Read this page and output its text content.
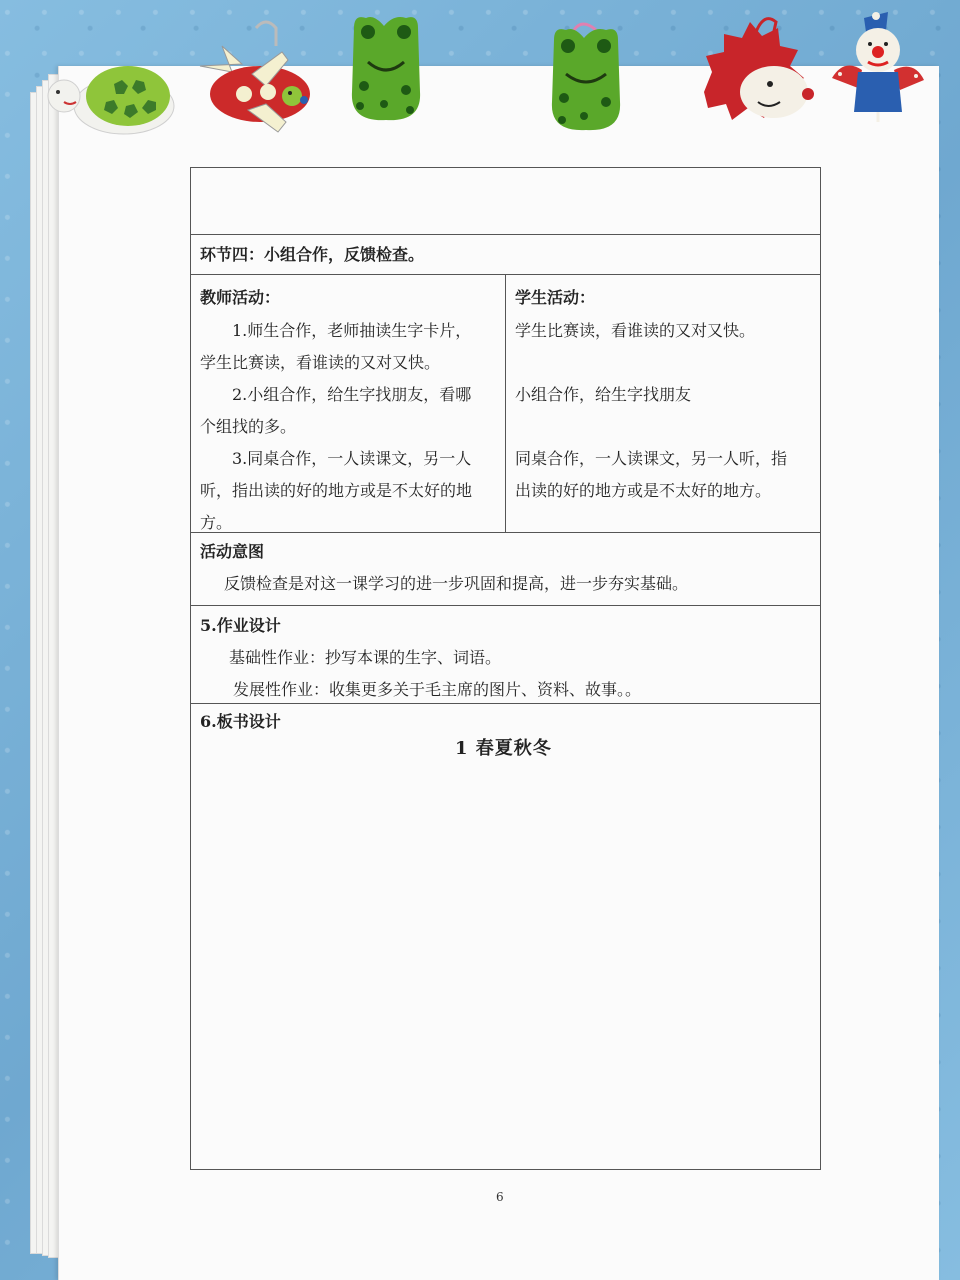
环节四：小组合作，反馈检查。
教师活动：
1.师生合作，老师抽读生字卡片，
学生比赛读，看谁读的又对又快。
2.小组合作，给生字找朋友，看哪
个组找的多。
3.同桌合作，一人读课文，另一人
听，指出读的好的地方或是不太好的地
方。
学生活动：
学生比赛读，看谁读的又对又快。
小组合作，给生字找朋友
同桌合作，一人读课文，另一人听，指
出读的好的地方或是不太好的地方。
活动意图
反馈检查是对这一课学习的进一步巩固和提高，进一步夯实基础。
5.作业设计
基础性作业：抄写本课的生字、词语。
发展性作业：收集更多关于毛主席的图片、资料、故事。。
6.板书设计
1 春夏秋冬
6
